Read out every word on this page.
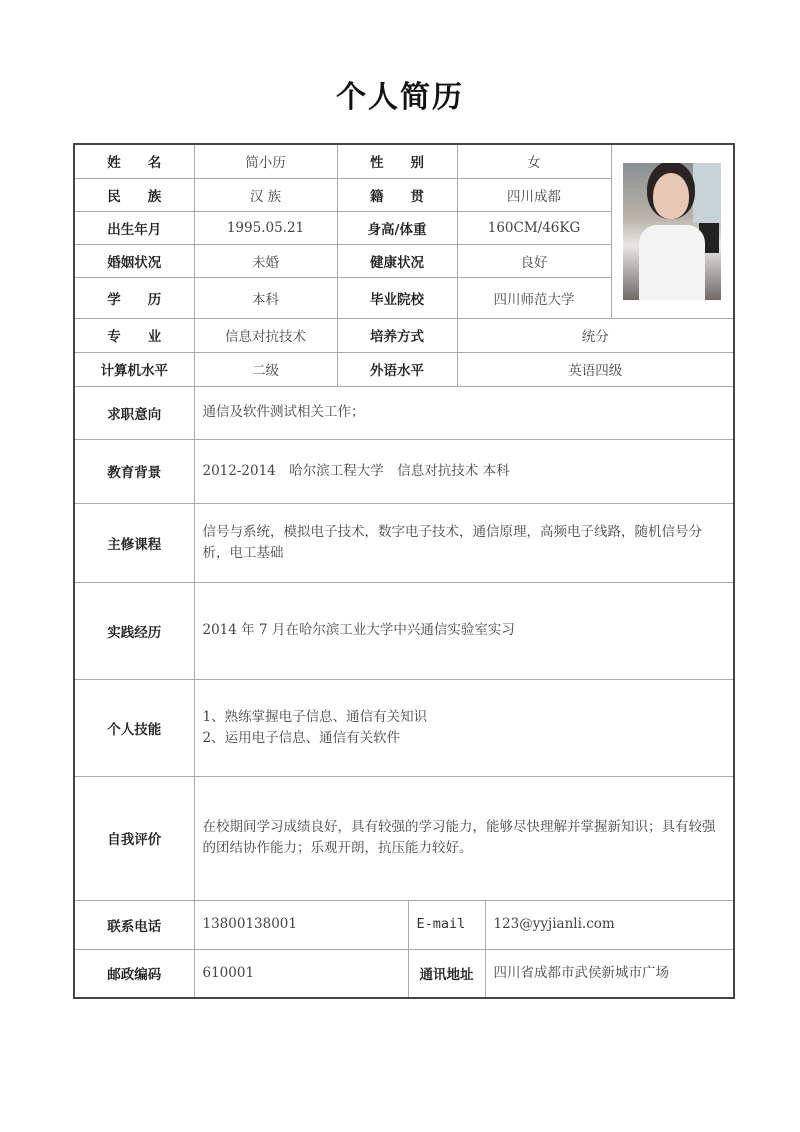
个人简历
姓　　名	简小历	性　　别		女		

民　　族	汉 族	籍　　贯		四川成都		
出生年月	1995.05.21	身高/体重		160CM/46KG		
婚姻状况	未婚	健康状况		良好		
学　　历	本科	毕业院校		四川师范大学		
专　　业	信息对抗技术	培养方式		统分		
计算机水平	二级	外语水平		英语四级		
求职意向	通信及软件测试相关工作；					
教育背景	2012-2014　哈尔滨工程大学　信息对抗技术 本科					
主修课程	信号与系统，模拟电子技术，数字电子技术，通信原理，高频电子线路，随机信号分析，电工基础					
实践经历	2014 年 7 月在哈尔滨工业大学中兴通信实验室实习					
个人技能	1、熟练掌握电子信息、通信有关知识
2、运用电子信息、通信有关软件					

自我评价	在校期间学习成绩良好，具有较强的学习能力，能够尽快理解并掌握新知识；具有较强的团结协作能力；乐观开朗，抗压能力较好。					
联系电话	13800138001		E-mail		123@yyjianli.com	
邮政编码	610001		通讯地址		四川省成都市武侯新城市广场	
